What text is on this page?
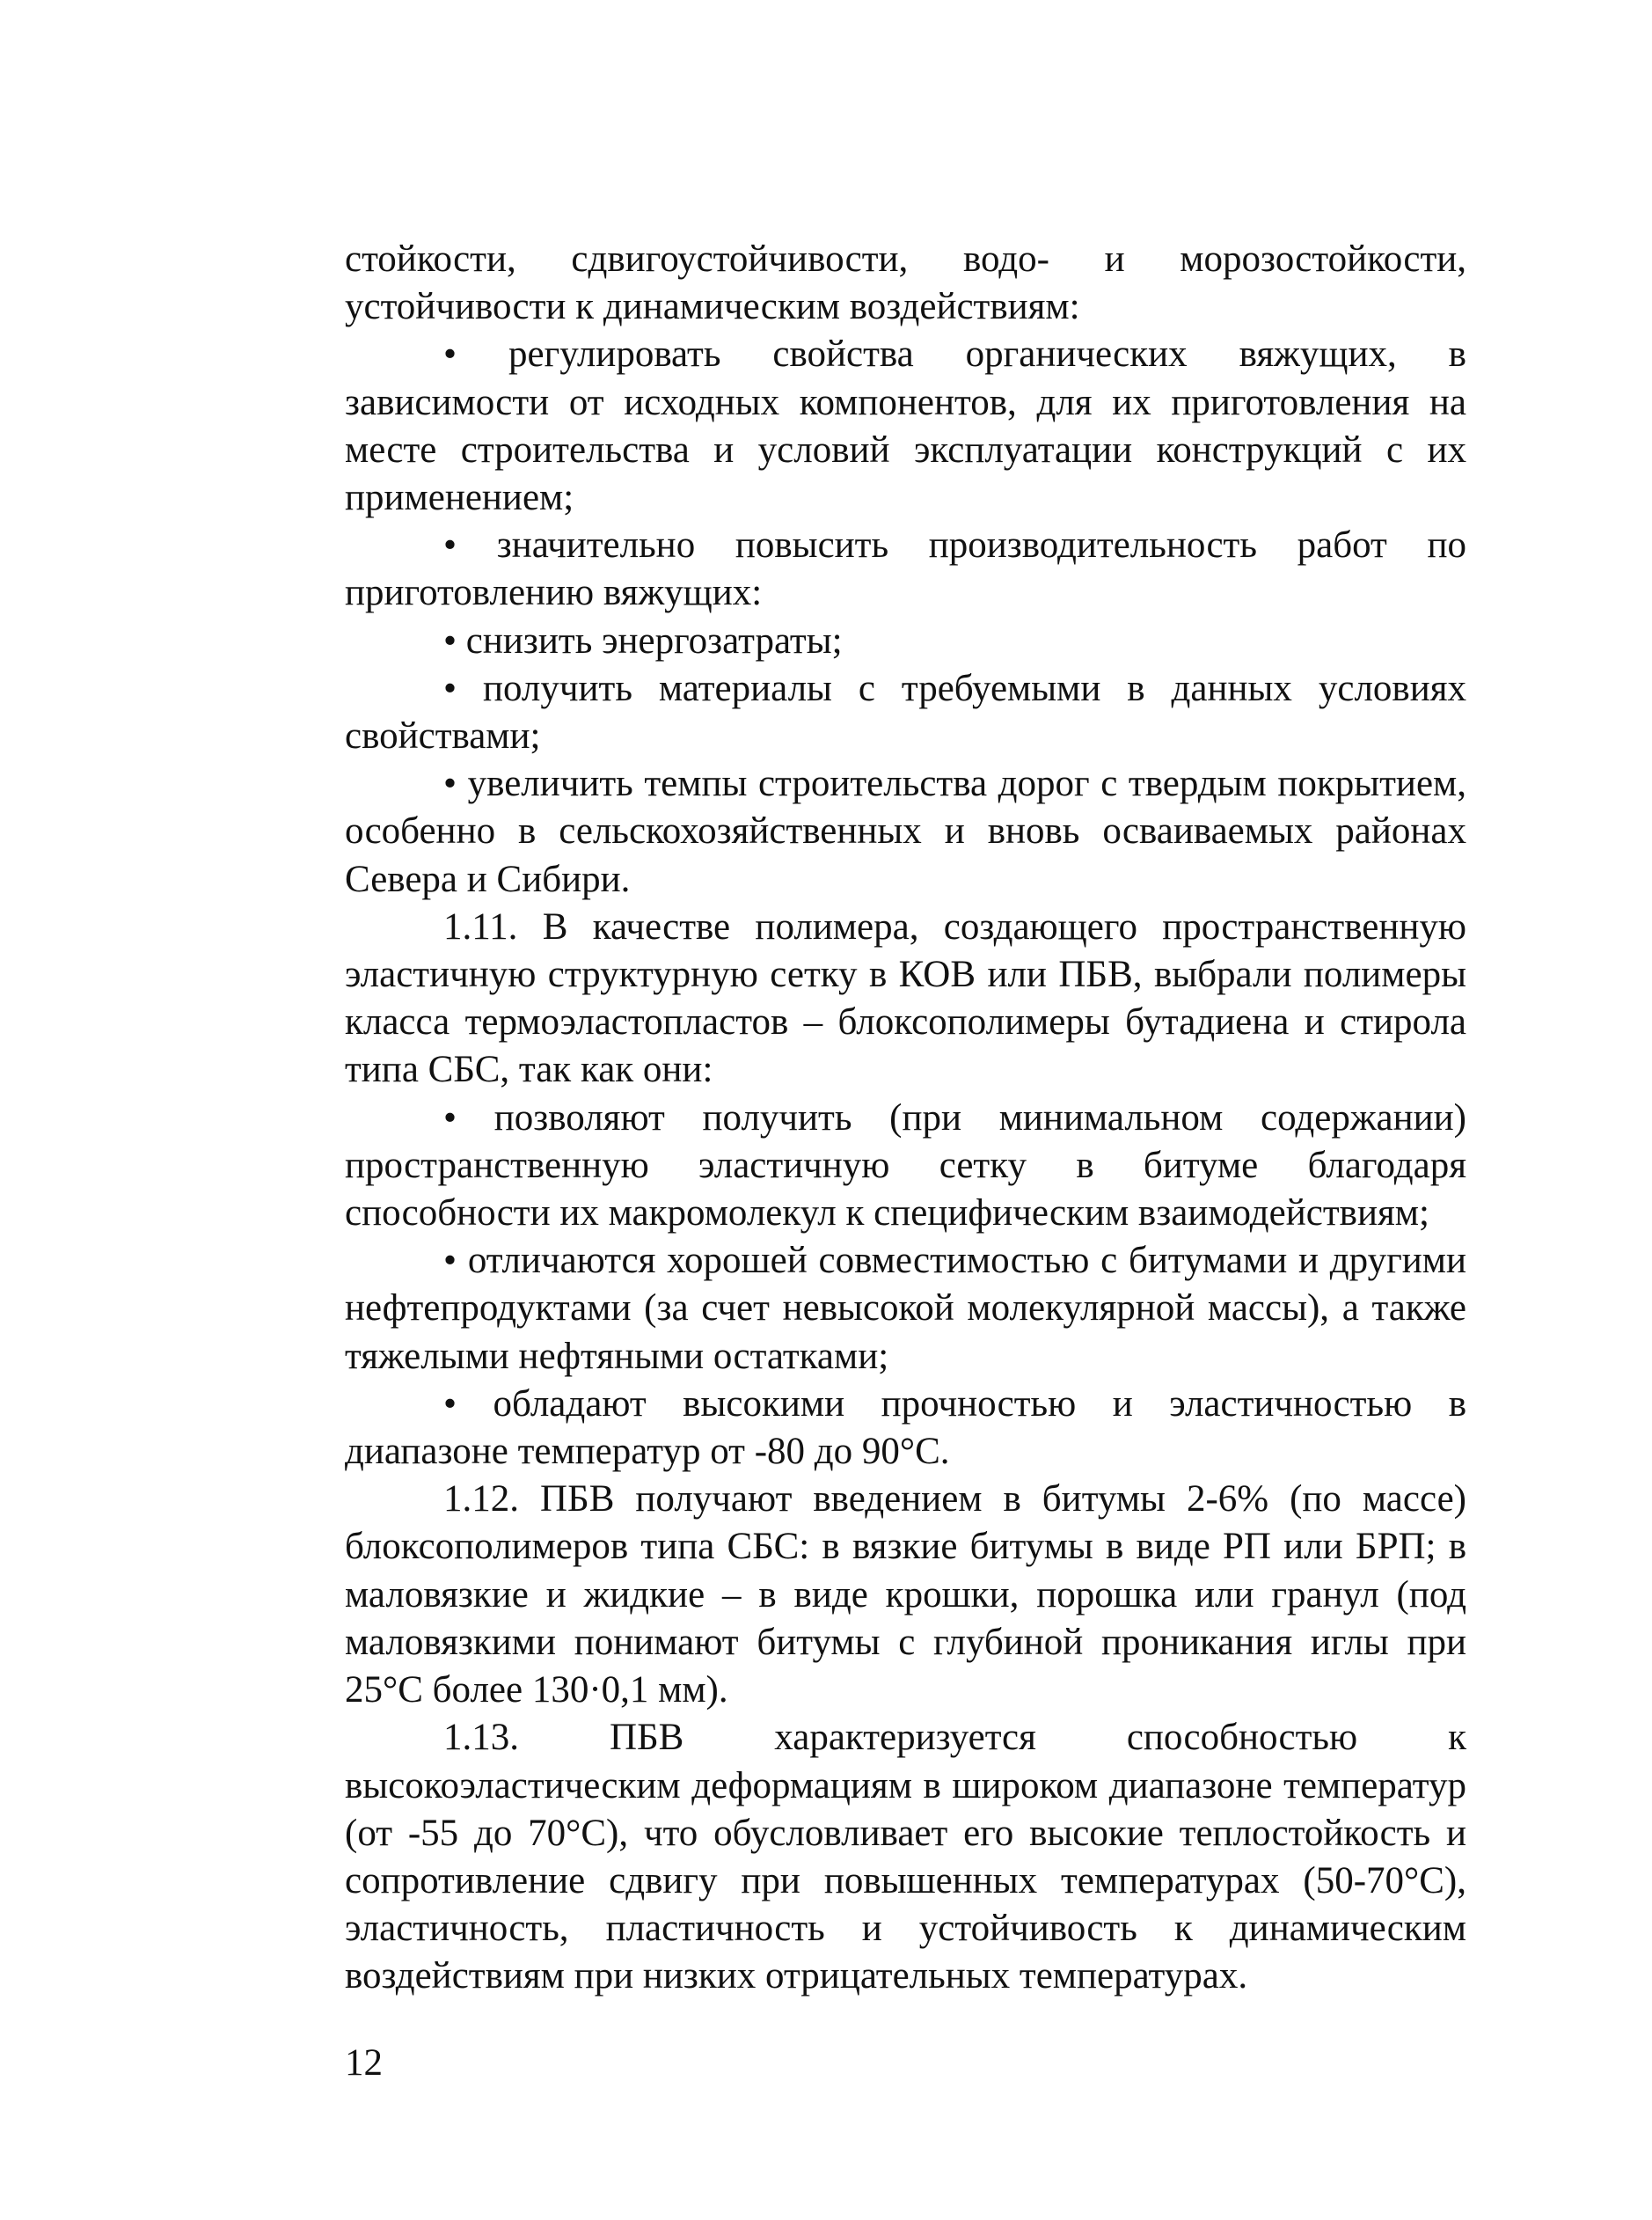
стойкости, сдвигоустойчивости, водо- и морозостойкости, устойчивости к динамическим воздействиям:

• регулировать свойства органических вяжущих, в зависимости от исходных компонентов, для их приготовления на месте строительства и условий эксплуатации конструкций с их применением;

• значительно повысить производительность работ по приготовлению вяжущих:

• снизить энергозатраты;

• получить материалы с требуемыми в данных условиях свойствами;

• увеличить темпы строительства дорог с твердым покрытием, особенно в сельскохозяйственных и вновь осваиваемых районах Севера и Сибири.

1.11. В качестве полимера, создающего пространственную эластичную структурную сетку в КОВ или ПБВ, выбрали полимеры класса термоэластопластов – блоксополимеры бутадиена и стирола типа СБС, так как они:

• позволяют получить (при минимальном содержании) пространственную эластичную сетку в битуме благодаря способности их макромолекул к специфическим взаимодействиям;

• отличаются хорошей совместимостью с битумами и другими нефтепродуктами (за счет невысокой молекулярной массы), а также тяжелыми нефтяными остатками;

• обладают высокими прочностью и эластичностью в диапазоне температур от -80 до 90°С.

1.12. ПБВ получают введением в битумы 2-6% (по массе) блоксополимеров типа СБС: в вязкие битумы в виде РП или БРП; в маловязкие и жидкие – в виде крошки, порошка или гранул (под маловязкими понимают битумы с глубиной проникания иглы при 25°С более 130·0,1 мм).

1.13. ПБВ характеризуется способностью к высокоэластическим деформациям в широком диапазоне температур (от -55 до 70°С), что обусловливает его высокие теплостойкость и сопротивление сдвигу при повышенных температурах (50-70°С), эластичность, пластичность и устойчивость к динамическим воздействиям при низких отрицательных температурах.

12
